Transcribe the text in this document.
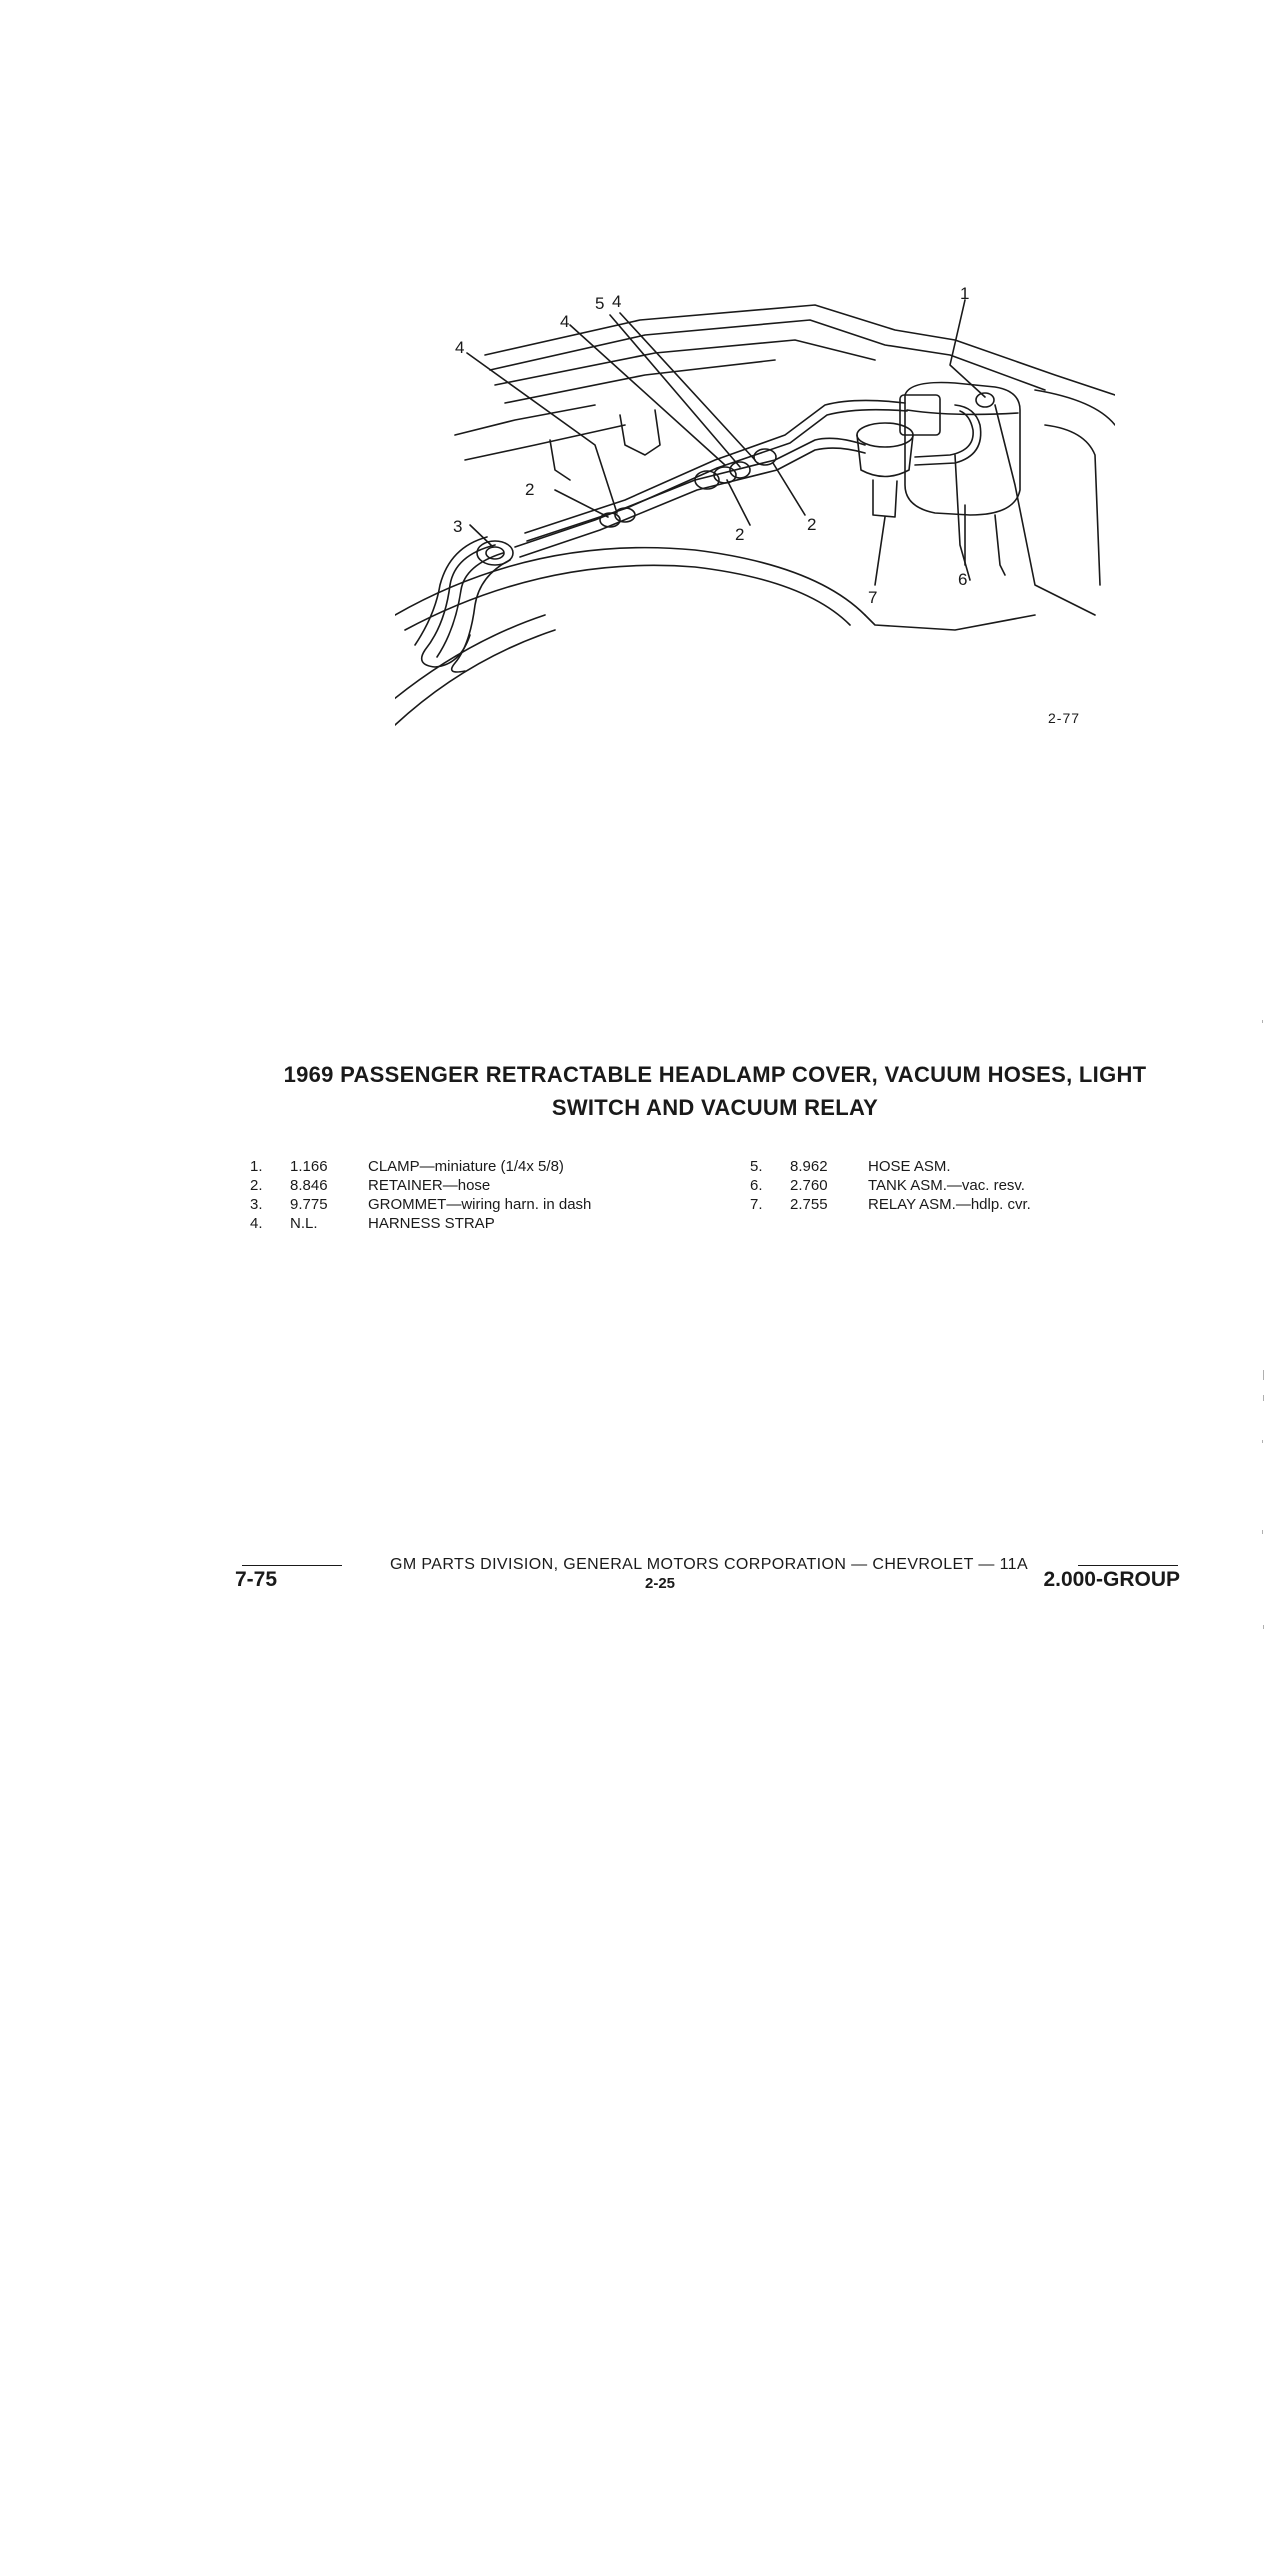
1
2
2
2
3
4
4
4
5
6
7
2-77
1969 PASSENGER RETRACTABLE HEADLAMP COVER, VACUUM HOSES, LIGHT
SWITCH AND VACUUM RELAY
1.	1.166	CLAMP—miniature (1/4x 5/8)
2.	8.846	RETAINER—hose
3.	9.775	GROMMET—wiring harn. in dash
4.	N.L.	HARNESS STRAP
5.	8.962	HOSE ASM.
6.	2.760	TANK ASM.—vac. resv.
7.	2.755	RELAY ASM.—hdlp. cvr.
GM PARTS DIVISION, GENERAL MOTORS CORPORATION — CHEVROLET — 11A
7-75	2-25	2.000-GROUP
